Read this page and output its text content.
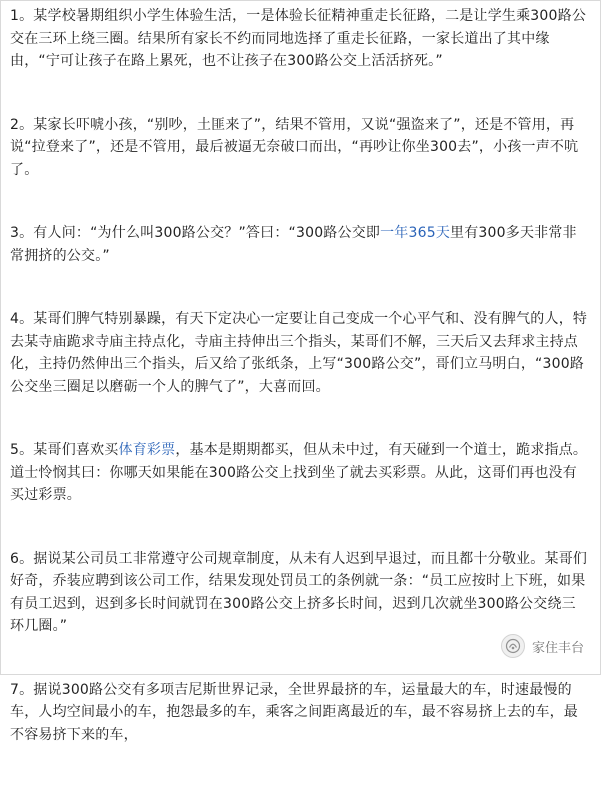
1。某学校暑期组织小学生体验生活，一是体验长征精神重走长征路，二是让学生乘300路公交在三环上绕三圈。结果所有家长不约而同地选择了重走长征路，一家长道出了其中缘由，“宁可让孩子在路上累死，也不让孩子在300路公交上活活挤死。”

2。某家长吓唬小孩，“别吵，土匪来了”，结果不管用，又说“强盗来了”，还是不管用，再说“拉登来了”，还是不管用，最后被逼无奈破口而出，“再吵让你坐300去”，小孩一声不吭了。

3。有人问：“为什么叫300路公交？”答曰：“300路公交即一年365天里有300多天非常非常拥挤的公交。”

4。某哥们脾气特别暴躁，有天下定决心一定要让自己变成一个心平气和、没有脾气的人，特去某寺庙跪求寺庙主持点化，寺庙主持伸出三个指头，某哥们不解，三天后又去拜求主持点化，主持仍然伸出三个指头，后又给了张纸条，上写“300路公交”，哥们立马明白，“300路公交坐三圈足以磨砺一个人的脾气了”，大喜而回。

5。某哥们喜欢买体育彩票，基本是期期都买，但从未中过，有天碰到一个道士，跪求指点。道士怜悯其曰：你哪天如果能在300路公交上找到坐了就去买彩票。从此，这哥们再也没有买过彩票。

6。据说某公司员工非常遵守公司规章制度，从未有人迟到早退过，而且都十分敬业。某哥们好奇，乔装应聘到该公司工作，结果发现处罚员工的条例就一条：“员工应按时上下班，如果有员工迟到，迟到多长时间就罚在300路公交上挤多长时间，迟到几次就坐300路公交绕三环几圈。”

7。据说300路公交有多项吉尼斯世界记录，全世界最挤的车，运量最大的车，时速最慢的车，人均空间最小的车，抱怨最多的车，乘客之间距离最近的车，最不容易挤上去的车，最不容易挤下来的车，

家住丰台
